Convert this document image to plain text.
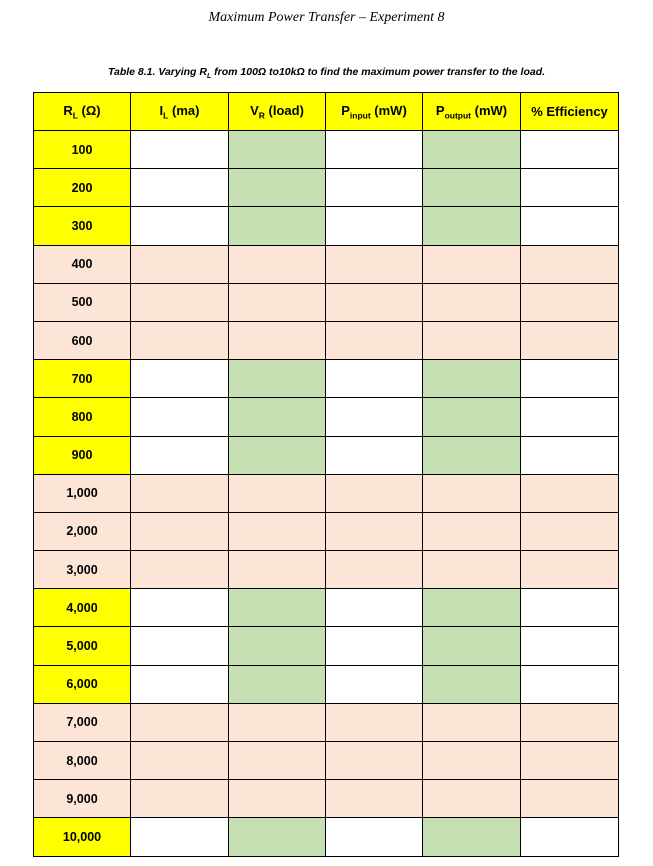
Maximum Power Transfer – Experiment 8
Table 8.1. Varying $R_L$ from 100Ω to10kΩ to find the maximum power transfer to the load.
$R_L$ (Ω)	$I_L$ (ma)	$V_R$ (load)	$P_{input}$ (mW)	$P_{output}$ (mW)	% Efficiency
100					
200					
300					
400					
500					
600					
700					
800					
900					
1,000					
2,000					
3,000					
4,000					
5,000					
6,000					
7,000					
8,000					
9,000					
10,000					
